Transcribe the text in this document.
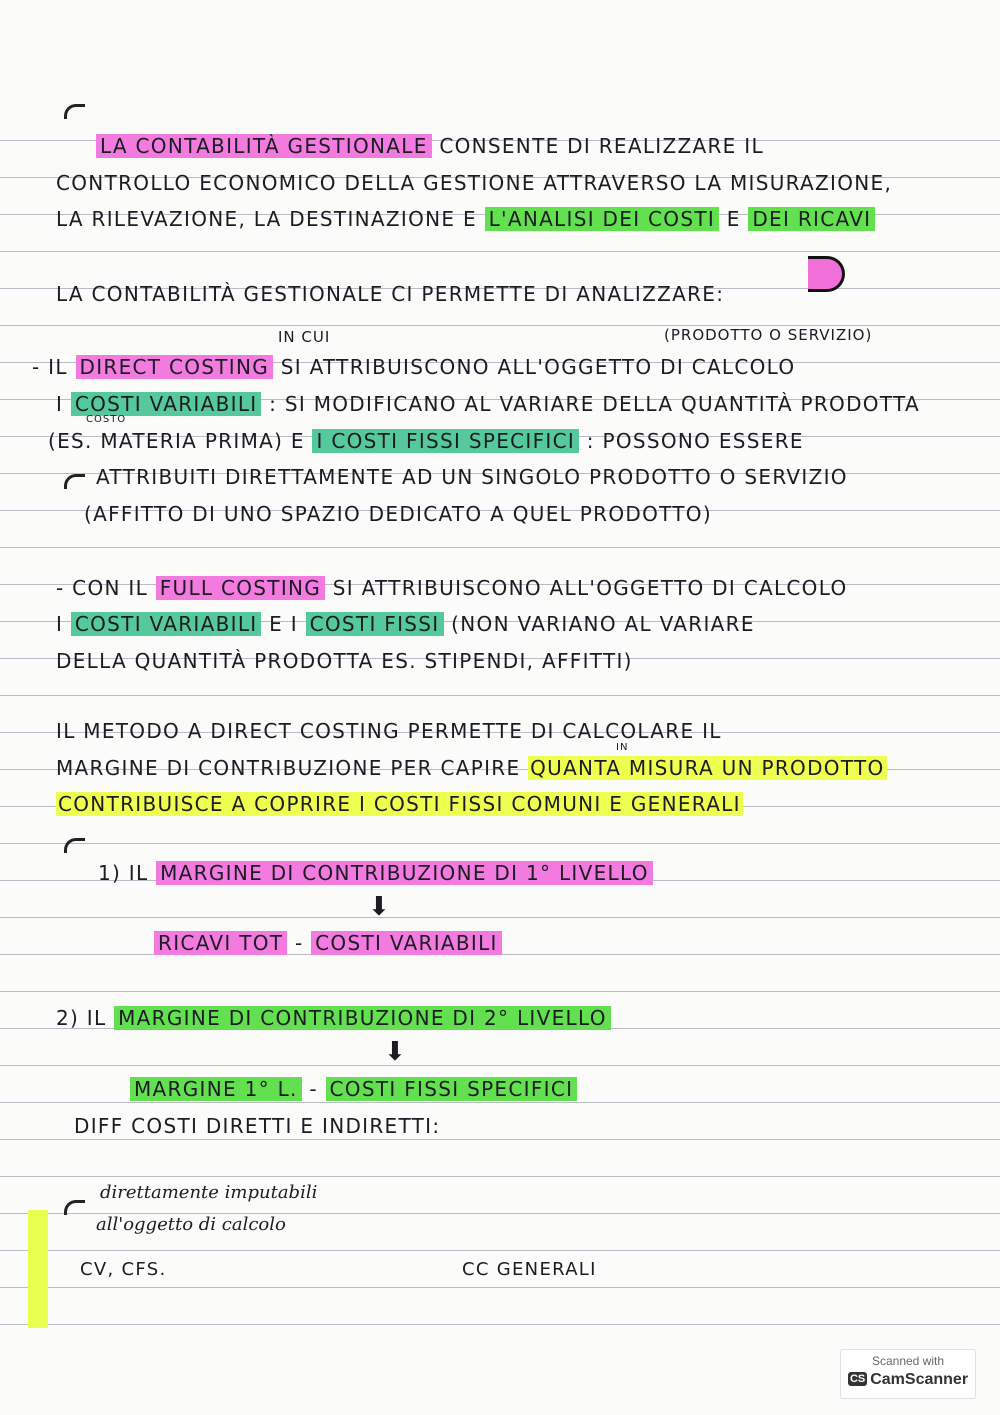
LA CONTABILITÀ GESTIONALE CONSENTE DI REALIZZARE IL
CONTROLLO ECONOMICO DELLA GESTIONE ATTRAVERSO LA MISURAZIONE,
LA RILEVAZIONE, LA DESTINAZIONE E L'ANALISI DEI COSTI E DEI RICAVI
LA CONTABILITÀ GESTIONALE CI PERMETTE DI ANALIZZARE:
IN CUI	(PRODOTTO O SERVIZIO)
- IL DIRECT COSTING SI ATTRIBUISCONO ALL'OGGETTO DI CALCOLO
I COSTI VARIABILI : SI MODIFICANO AL VARIARE DELLA QUANTITÀ PRODOTTA
COSTO
(ES. MATERIA PRIMA) E I COSTI FISSI SPECIFICI : POSSONO ESSERE
ATTRIBUITI DIRETTAMENTE AD UN SINGOLO PRODOTTO O SERVIZIO
(AFFITTO DI UNO SPAZIO DEDICATO A QUEL PRODOTTO)
- CON IL FULL COSTING SI ATTRIBUISCONO ALL'OGGETTO DI CALCOLO
I COSTI VARIABILI E I COSTI FISSI (NON VARIANO AL VARIARE
DELLA QUANTITÀ PRODOTTA ES. STIPENDI, AFFITTI)
IL METODO A DIRECT COSTING PERMETTE DI CALCOLARE IL
IN
MARGINE DI CONTRIBUZIONE PER CAPIRE QUANTA MISURA UN PRODOTTO
CONTRIBUISCE A COPRIRE I COSTI FISSI COMUNI E GENERALI
1) IL MARGINE DI CONTRIBUZIONE DI 1° LIVELLO
⬇
RICAVI TOT - COSTI VARIABILI
2) IL MARGINE DI CONTRIBUZIONE DI 2° LIVELLO
⬇
MARGINE 1° L. - COSTI FISSI SPECIFICI
DIFF COSTI DIRETTI E INDIRETTI:
direttamente imputabili
all'oggetto di calcolo
CV, CFS.	CC GENERALI
Scanned with
CS CamScanner
